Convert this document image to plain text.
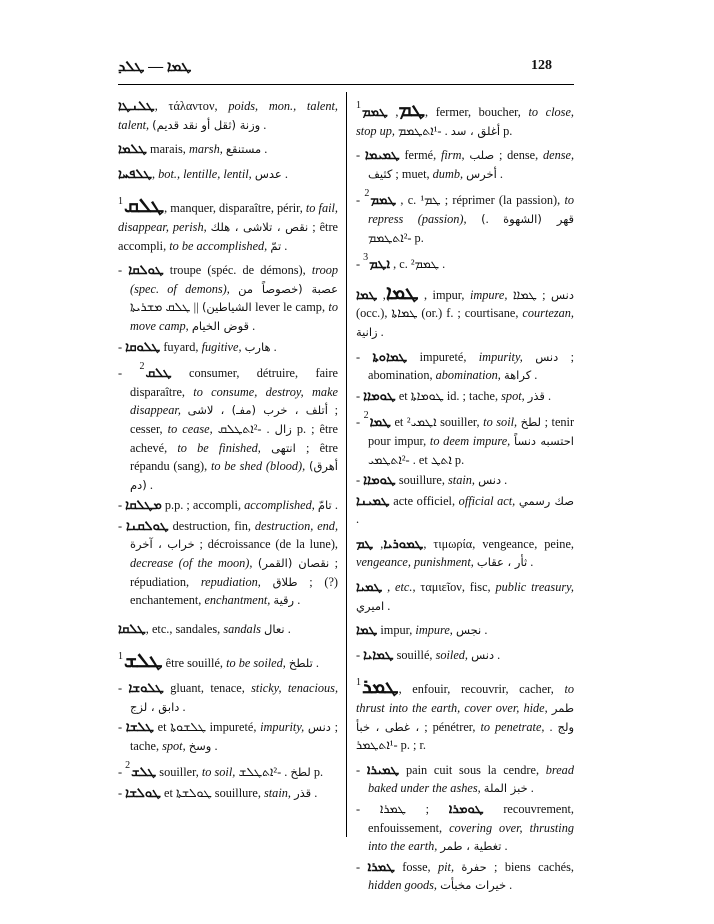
ܛܡܐ — ܛܠܕ	128

ܛܠܢܛܐ, τάλαντον, poids, mon., talent, talent, (وزنة (ثقل أو نقد قديم .

ܛܠܡܐ marais, marsh, مستنقع .

ܛܠܦܚܐ, bot., lentille, lentil, عدس .

$^1$ܛܠܩ, manquer, disparaître, périr, to fail, disappear, perish, نقص ، تلاشى ، هلك ; être accompli, to be accomplished, تمّ .

- ܛܘܠܩܐ troupe (spéc. de démons), troop (spec. of demons), عصبة (خصوصاً من الشياطين) || ܛܠܩ ܡܫܪܝܬܐ lever le camp, to move camp, قوض الخيام .

- ܛܠܘܩܐ fuyard, fugitive, هارب .

- $^2$ܛܠܩ consumer, détruire, faire disparaître, to consume, destroy, make disappear, أتلف ، خرب (مفـ) ، لاشى ; cesser, to cease,	زال . ‑²ܐܬܛܠܩ p. ; être achevé, to be finished, انتهى ; être répandu (sang), to be shed (blood), (أهرق (دم .

- ܡܛܠܩܐ p.p. ; accompli, accomplished, تامّ .

- ܛܘܠܩܢܐ destruction, fin, destruction, end, خراب ، آخرة ; décroissance (de la lune), decrease (of the moon), (نقصان (القمر ; répudiation, repudiation, طلاق ; (?) enchantement, enchantment, رقية .

ܛܠܩܐ, etc., sandales, sandals نعال .

$^1$ܛܠܫ être souillé, to be soiled, تلطخ .

- ܛܠܘܫܐ gluant, tenace, sticky, tenacious, دابق ، لزج .

- ܛܠܫܐ et ܛܠܫܘܬܐ impureté, impurity, دنس ; tache, spot, وسخ .

- $^2$ܛܠܫ souiller, to soil,	لطخ . ‑²ܐܬܛܠܫ p.

- ܛܘܠܫܐ et ܛܘܠܫܬܐ souillure, stain, قذر .

$^1$ ܛܡ, ܛܡܡ	, fermer, boucher, to close, stop up,	أغلق ، سد . ‑¹ܐܬܛܡܡ p.

- ܛܡܝܡܐ fermé, firm, صلب ; dense, dense, كثيف ; muet, dumb, أخرس .

- $^2$ܛܡܡ , c. ¹ܛܡ ; réprimer (la passion), to repress (passion), (قهر (الشهوة . ‑²ܐܬܛܡܡ p.

- $^3$ܐܛܡ , c. ²ܛܡܡ .

ܛܡܐ, ܛܡܐ	, impur, impure,	دنس ; ܛܡܐܐ (occ.), ܛܡܐܬܐ (or.) f. ; courtisane, courtezan, زانية .

- ܛܡܐܘܬܐ impureté, impurity, دنس ; abomination, abomination, كراهة .

- ܛܘܡܐܐ et ܛܘܡܐܬܐ id. ; tache, spot, قذر .

- $^2$ܛܡܐ et ²ܐܛܡܝ souiller, to soil, لطخ ; tenir pour impur, to deem impure, احتسبه دنساً . ‑²ܐܬܛܡܝ et ܐܬܛ p.

- ܛܘܡܐܐ souillure, stain, دنس .

ܛܡܝܢܐ acte officiel, official act, صك رسمي .

ܛܡܘܪܝܐ, ܛܡ	, τιμωρία, vengeance, peine, vengeance, punishment, ثأر ، عقاب .

ܛܡܝܐ , etc., ταμιεῖον, fisc, public treasury, اميري .

ܛܡܐ impur, impure, نجس .

- ܛܡܐܝܐ souillé, soiled, دنس .

$^1$ܛܡܪ, enfouir, recouvrir, cacher, to thrust into the earth, cover over, hide, طمر ، غطى ، خبأ ; pénétrer, to penetrate, ولج . ‑¹ܐܬܛܡܪ p. ; r.

- ܛܡܝܪܐ pain cuit sous la cendre, bread baked under the ashes, خبز الملة .

-	ܛܘܡܪܐ ; ܛܡܪܐ recouvrement, enfouissement, covering over, thrusting into the earth, تغطية ، طمر .

- ܛܡܪܐ fosse, pit, حفرة ; biens cachés, hidden goods, خيرات مخبأت .
